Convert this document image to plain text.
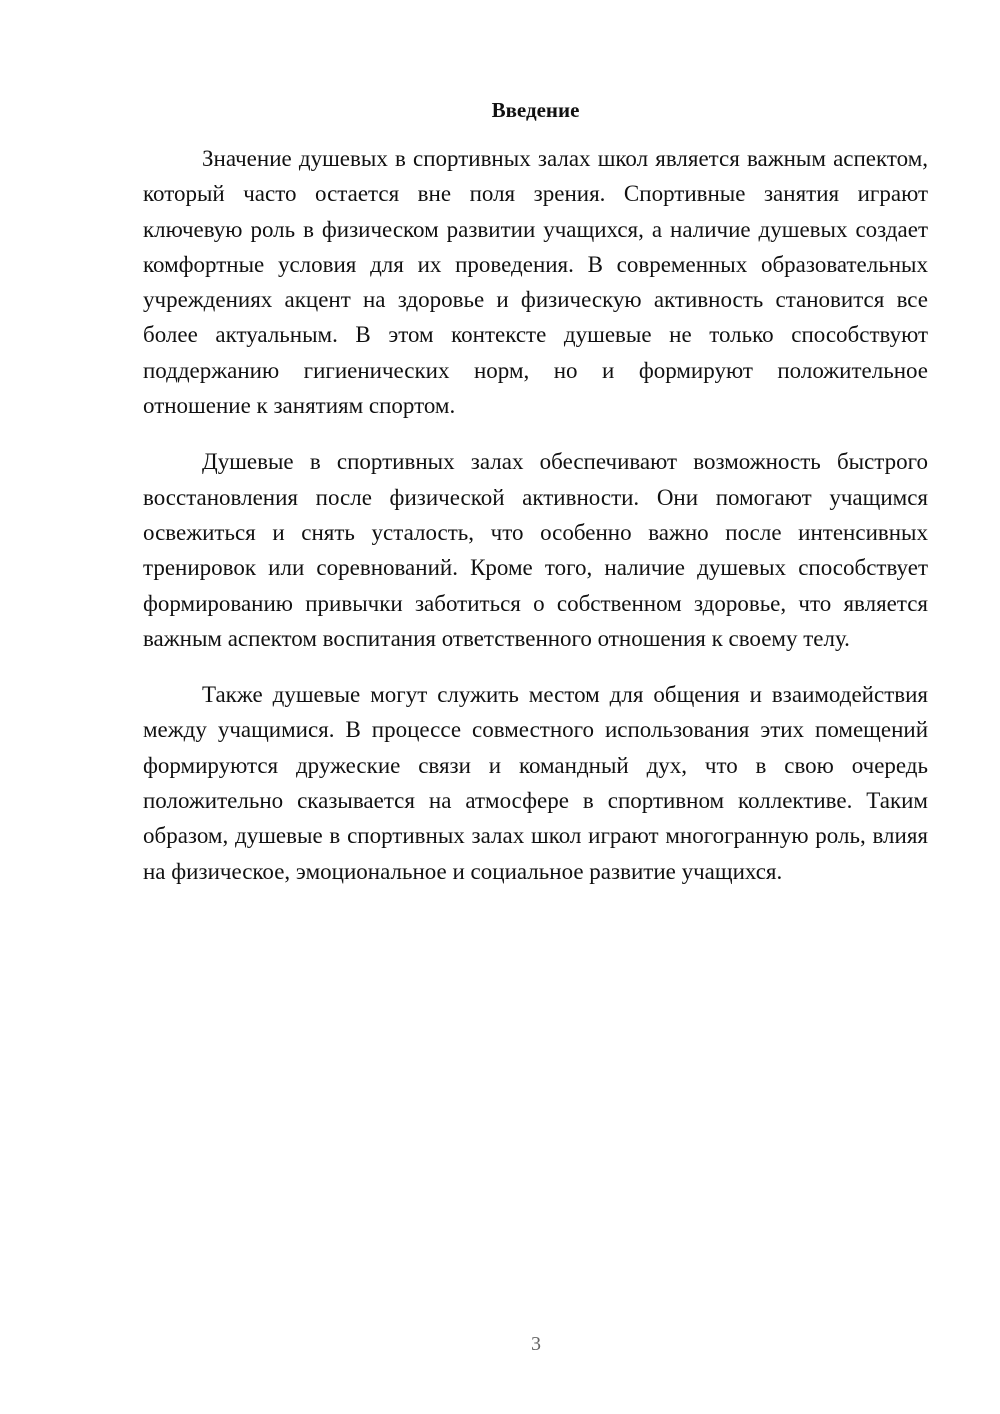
Введение

Значение душевых в спортивных залах школ является важным аспектом, который часто остается вне поля зрения. Спортивные занятия играют ключевую роль в физическом развитии учащихся, а наличие душевых создает комфортные условия для их проведения. В современных образовательных учреждениях акцент на здоровье и физическую активность становится все более актуальным. В этом контексте душевые не только способствуют поддержанию гигиенических норм, но и формируют положительное отношение к занятиям спортом.

Душевые в спортивных залах обеспечивают возможность быстрого восстановления после физической активности. Они помогают учащимся освежиться и снять усталость, что особенно важно после интенсивных тренировок или соревнований. Кроме того, наличие душевых способствует формированию привычки заботиться о собственном здоровье, что является важным аспектом воспитания ответственного отношения к своему телу.

Также душевые могут служить местом для общения и взаимодействия между учащимися. В процессе совместного использования этих помещений формируются дружеские связи и командный дух, что в свою очередь положительно сказывается на атмосфере в спортивном коллективе. Таким образом, душевые в спортивных залах школ играют многогранную роль, влияя на физическое, эмоциональное и социальное развитие учащихся.

3
